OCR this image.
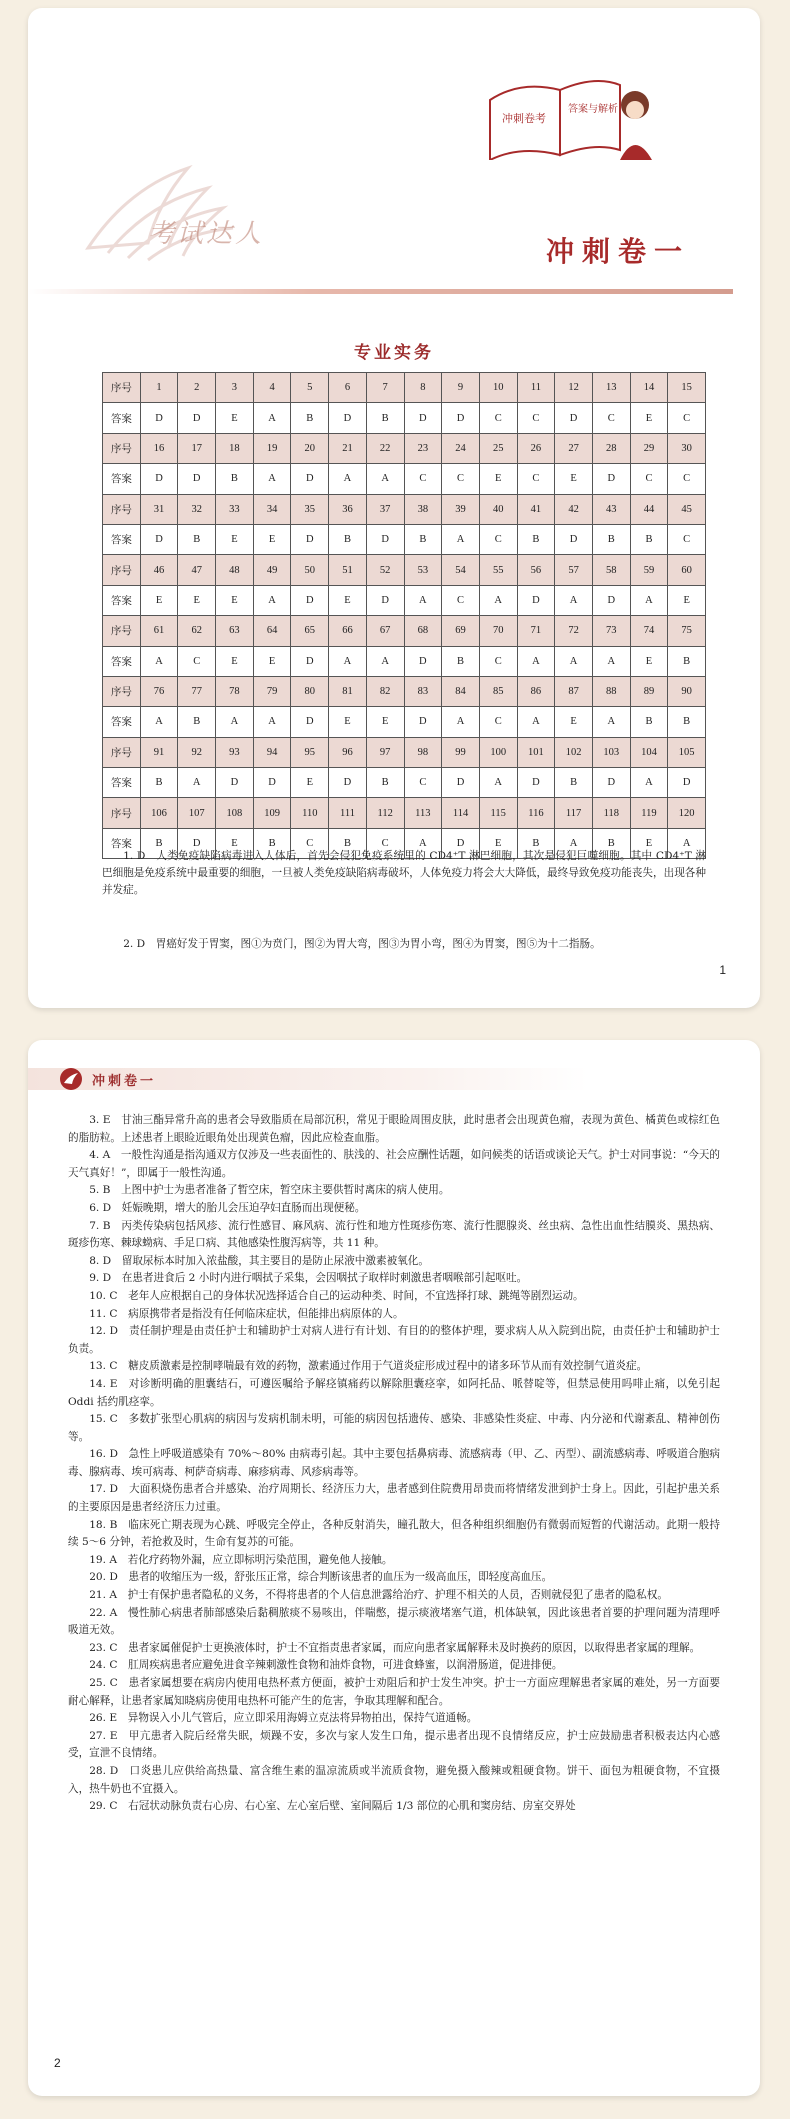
考试达人
冲刺卷考
答案与解析
冲刺卷一
专业实务
序号	1	2	3	4	5	6	7	8	9	10	11	12	13	14	15
答案	D	D	E	A	B	D	B	D	D	C	C	D	C	E	C
序号	16	17	18	19	20	21	22	23	24	25	26	27	28	29	30
答案	D	D	B	A	D	A	A	C	C	E	C	E	D	C	C
序号	31	32	33	34	35	36	37	38	39	40	41	42	43	44	45
答案	D	B	E	E	D	B	D	B	A	C	B	D	B	B	C
序号	46	47	48	49	50	51	52	53	54	55	56	57	58	59	60
答案	E	E	E	A	D	E	D	A	C	A	D	A	D	A	E
序号	61	62	63	64	65	66	67	68	69	70	71	72	73	74	75
答案	A	C	E	E	D	A	A	D	B	C	A	A	A	E	B
序号	76	77	78	79	80	81	82	83	84	85	86	87	88	89	90
答案	A	B	A	A	D	E	E	D	A	C	A	E	A	B	B
序号	91	92	93	94	95	96	97	98	99	100	101	102	103	104	105
答案	B	A	D	D	E	D	B	C	D	A	D	B	D	A	D
序号	106	107	108	109	110	111	112	113	114	115	116	117	118	119	120
答案	B	D	E	B	C	B	C	A	D	E	B	A	B	E	A
1. D　人类免疫缺陷病毒进入人体后，首先会侵犯免疫系统里的 CD4⁺T 淋巴细胞，其次是侵犯巨噬细胞。其中 CD4⁺T 淋巴细胞是免疫系统中最重要的细胞，一旦被人类免疫缺陷病毒破坏，人体免疫力将会大大降低，最终导致免疫功能丧失，出现各种并发症。
2. D　胃癌好发于胃窦，图①为贲门，图②为胃大弯，图③为胃小弯，图④为胃窦，图⑤为十二指肠。
1
冲刺卷一

3. E　甘油三酯异常升高的患者会导致脂质在局部沉积，常见于眼睑周围皮肤，此时患者会出现黄色瘤，表现为黄色、橘黄色或棕红色的脂肪粒。上述患者上眼睑近眼角处出现黄色瘤，因此应检查血脂。

4. A　一般性沟通是指沟通双方仅涉及一些表面性的、肤浅的、社会应酬性话题，如问候类的话语或谈论天气。护士对同事说：“今天的天气真好！”，即属于一般性沟通。

5. B　上图中护士为患者准备了暂空床，暂空床主要供暂时离床的病人使用。

6. D　妊娠晚期，增大的胎儿会压迫孕妇直肠而出现便秘。

7. B　丙类传染病包括风疹、流行性感冒、麻风病、流行性和地方性斑疹伤寒、流行性腮腺炎、丝虫病、急性出血性结膜炎、黑热病、斑疹伤寒、棘球蚴病、手足口病、其他感染性腹泻病等，共 11 种。

8. D　留取尿标本时加入浓盐酸，其主要目的是防止尿液中激素被氧化。

9. D　在患者进食后 2 小时内进行咽拭子采集，会因咽拭子取样时刺激患者咽喉部引起呕吐。

10. C　老年人应根据自己的身体状况选择适合自己的运动种类、时间，不宜选择打球、跳绳等剧烈运动。

11. C　病原携带者是指没有任何临床症状，但能排出病原体的人。

12. D　责任制护理是由责任护士和辅助护士对病人进行有计划、有目的的整体护理，要求病人从入院到出院，由责任护士和辅助护士负责。

13. C　糖皮质激素是控制哮喘最有效的药物，激素通过作用于气道炎症形成过程中的诸多环节从而有效控制气道炎症。

14. E　对诊断明确的胆囊结石，可遵医嘱给予解痉镇痛药以解除胆囊痉挛，如阿托品、哌替啶等，但禁忌使用吗啡止痛，以免引起 Oddi 括约肌痉挛。

15. C　多数扩张型心肌病的病因与发病机制未明，可能的病因包括遗传、感染、非感染性炎症、中毒、内分泌和代谢紊乱、精神创伤等。

16. D　急性上呼吸道感染有 70%～80% 由病毒引起。其中主要包括鼻病毒、流感病毒（甲、乙、丙型）、副流感病毒、呼吸道合胞病毒、腺病毒、埃可病毒、柯萨奇病毒、麻疹病毒、风疹病毒等。

17. D　大面积烧伤患者合并感染、治疗周期长、经济压力大，患者感到住院费用昂贵而将情绪发泄到护士身上。因此，引起护患关系的主要原因是患者经济压力过重。

18. B　临床死亡期表现为心跳、呼吸完全停止，各种反射消失，瞳孔散大，但各种组织细胞仍有微弱而短暂的代谢活动。此期一般持续 5～6 分钟，若抢救及时，生命有复苏的可能。

19. A　若化疗药物外漏，应立即标明污染范围，避免他人接触。

20. D　患者的收缩压为一级，舒张压正常，综合判断该患者的血压为一级高血压，即轻度高血压。

21. A　护士有保护患者隐私的义务，不得将患者的个人信息泄露给治疗、护理不相关的人员，否则就侵犯了患者的隐私权。

22. A　慢性肺心病患者肺部感染后黏稠脓痰不易咳出，伴喘憋，提示痰液堵塞气道，机体缺氧，因此该患者首要的护理问题为清理呼吸道无效。

23. C　患者家属催促护士更换液体时，护士不宜指责患者家属，而应向患者家属解释未及时换药的原因，以取得患者家属的理解。

24. C　肛周疾病患者应避免进食辛辣刺激性食物和油炸食物，可进食蜂蜜，以润滑肠道，促进排便。

25. C　患者家属想要在病房内使用电热杯煮方便面，被护士劝阻后和护士发生冲突。护士一方面应理解患者家属的难处，另一方面要耐心解释，让患者家属知晓病房使用电热杯可能产生的危害，争取其理解和配合。

26. E　异物误入小儿气管后，应立即采用海姆立克法将异物拍出，保持气道通畅。

27. E　甲亢患者入院后经常失眠，烦躁不安，多次与家人发生口角，提示患者出现不良情绪反应，护士应鼓励患者积极表达内心感受，宣泄不良情绪。

28. D　口炎患儿应供给高热量、富含维生素的温凉流质或半流质食物，避免摄入酸辣或粗硬食物。饼干、面包为粗硬食物，不宜摄入，热牛奶也不宜摄入。

29. C　右冠状动脉负责右心房、右心室、左心室后壁、室间隔后 1/3 部位的心肌和窦房结、房室交界处

2
